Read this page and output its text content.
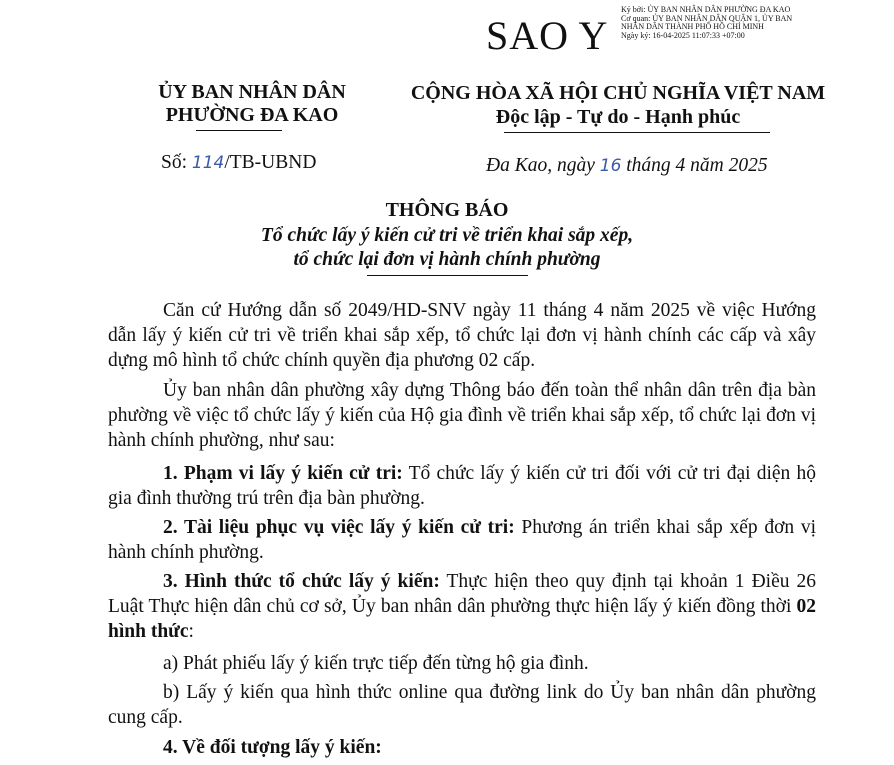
SAO Y
Ký bởi: ỦY BAN NHÂN DÂN PHƯỜNG ĐA KAO
Cơ quan: ỦY BAN NHÂN DÂN QUẬN 1, ỦY BAN NHÂN DÂN THÀNH PHỐ HỒ CHÍ MINH
Ngày ký: 16-04-2025 11:07:33 +07:00
ỦY BAN NHÂN DÂN
PHƯỜNG ĐA KAO
CỘNG HÒA XÃ HỘI CHỦ NGHĨA VIỆT NAM
Độc lập - Tự do - Hạnh phúc
Số: 114/TB-UBND	Đa Kao, ngày 16 tháng 4 năm 2025
THÔNG BÁO
Tổ chức lấy ý kiến cử tri về triển khai sắp xếp,
tổ chức lại đơn vị hành chính phường
Căn cứ Hướng dẫn số 2049/HD-SNV ngày 11 tháng 4 năm 2025 về việc Hướng dẫn lấy ý kiến cử tri về triển khai sắp xếp, tổ chức lại đơn vị hành chính các cấp và xây dựng mô hình tổ chức chính quyền địa phương 02 cấp.
Ủy ban nhân dân phường xây dựng Thông báo đến toàn thể nhân dân trên địa bàn phường về việc tổ chức lấy ý kiến của Hộ gia đình về triển khai sắp xếp, tổ chức lại đơn vị hành chính phường, như sau:
1. Phạm vi lấy ý kiến cử tri: Tổ chức lấy ý kiến cử tri đối với cử tri đại diện hộ gia đình thường trú trên địa bàn phường.
2. Tài liệu phục vụ việc lấy ý kiến cử tri: Phương án triển khai sắp xếp đơn vị hành chính phường.
3. Hình thức tổ chức lấy ý kiến: Thực hiện theo quy định tại khoản 1 Điều 26 Luật Thực hiện dân chủ cơ sở, Ủy ban nhân dân phường thực hiện lấy ý kiến đồng thời 02 hình thức:
a) Phát phiếu lấy ý kiến trực tiếp đến từng hộ gia đình.
b) Lấy ý kiến qua hình thức online qua đường link do Ủy ban nhân dân phường cung cấp.
4. Về đối tượng lấy ý kiến:
